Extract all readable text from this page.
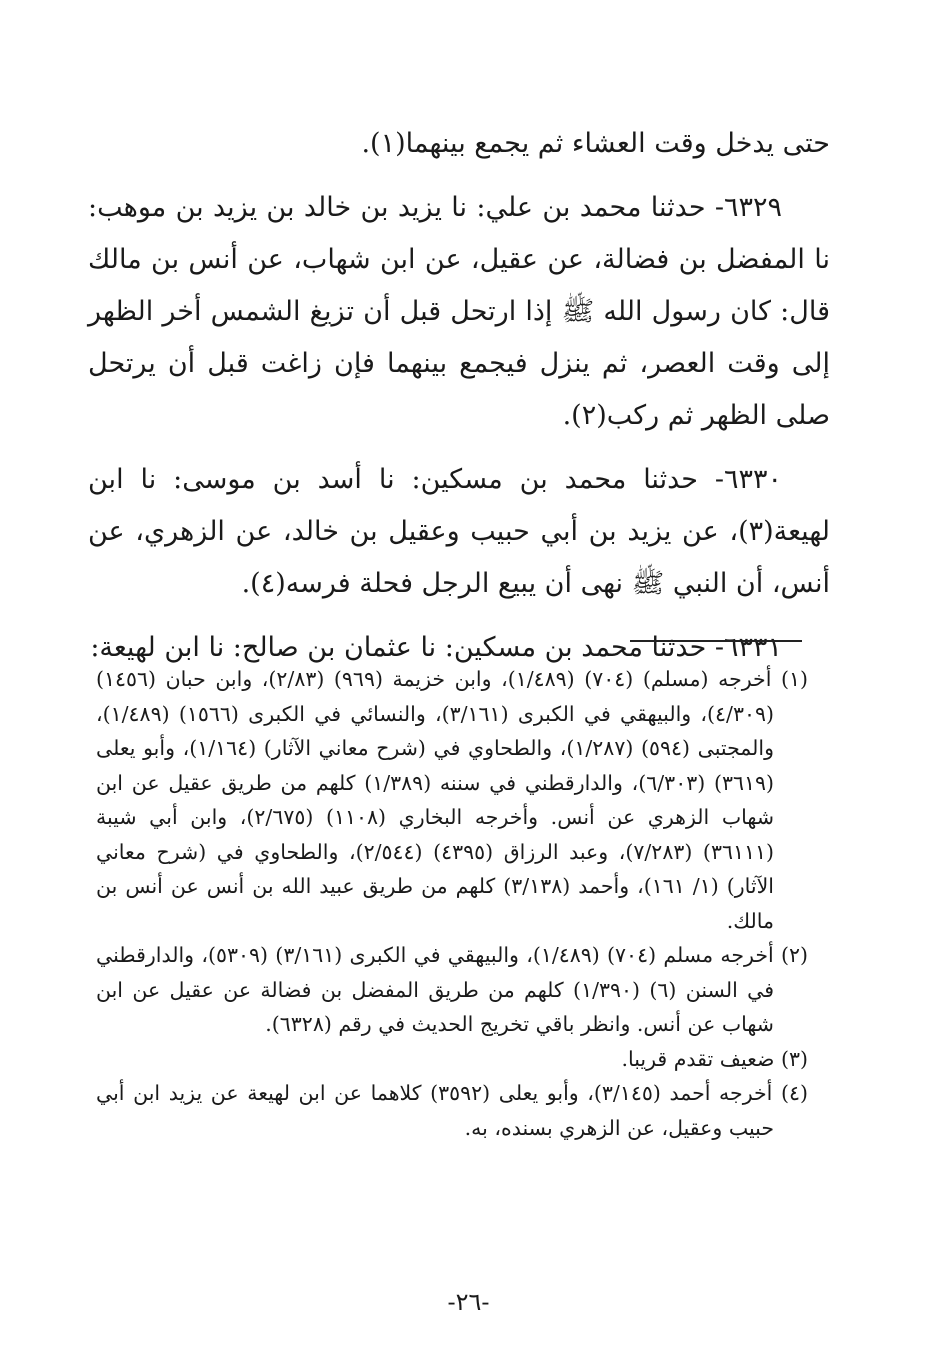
حتى يدخل وقت العشاء ثم يجمع بينهما(١).

٦٣٢٩- حدثنا محمد بن علي: نا يزيد بن خالد بن يزيد بن موهب: نا المفضل بن فضالة، عن عقيل، عن ابن شهاب، عن أنس بن مالك قال: كان رسول الله ﷺ إذا ارتحل قبل أن تزيغ الشمس أخر الظهر إلى وقت العصر، ثم ينزل فيجمع بينهما فإن زاغت قبل أن يرتحل صلى الظهر ثم ركب(٢).

٦٣٣٠- حدثنا محمد بن مسكين: نا أسد بن موسى: نا ابن لهيعة(٣)، عن يزيد بن أبي حبيب وعقيل بن خالد، عن الزهري، عن أنس، أن النبي ﷺ نهى أن يبيع الرجل فحلة فرسه(٤).

٦٣٣١- حدثنا محمد بن مسكين: نا عثمان بن صالح: نا ابن لهيعة:

(١) أخرجه (مسلم) (٧٠٤) (١/٤٨٩)، وابن خزيمة (٩٦٩) (٢/٨٣)، وابن حبان (١٤٥٦) (٤/٣٠٩)، والبيهقي في الكبرى (٣/١٦١)، والنسائي في الكبرى (١٥٦٦) (١/٤٨٩)، والمجتبى (٥٩٤) (١/٢٨٧)، والطحاوي في (شرح معاني الآثار) (١/١٦٤)، وأبو يعلى (٣٦١٩) (٦/٣٠٣)، والدارقطني في سننه (١/٣٨٩) كلهم من طريق عقيل عن ابن شهاب الزهري عن أنس. وأخرجه البخاري (١١٠٨) (٢/٦٧٥)، وابن أبي شيبة (٣٦١١١) (٧/٢٨٣)، وعبد الرزاق (٤٣٩٥) (٢/٥٤٤)، والطحاوي في (شرح معاني الآثار) (١/ ١٦١)، وأحمد (٣/١٣٨) كلهم من طريق عبيد الله بن أنس عن أنس بن مالك.

(٢) أخرجه مسلم (٧٠٤) (١/٤٨٩)، والبيهقي في الكبرى (٣/١٦١) (٥٣٠٩)، والدارقطني في السنن (٦) (١/٣٩٠) كلهم من طريق المفضل بن فضالة عن عقيل عن ابن شهاب عن أنس. وانظر باقي تخريج الحديث في رقم (٦٣٢٨).

(٣) ضعيف تقدم قريبا.

(٤) أخرجه أحمد (٣/١٤٥)، وأبو يعلى (٣٥٩٢) كلاهما عن ابن لهيعة عن يزيد ابن أبي حبيب وعقيل، عن الزهري بسنده، به.

-٢٦-
